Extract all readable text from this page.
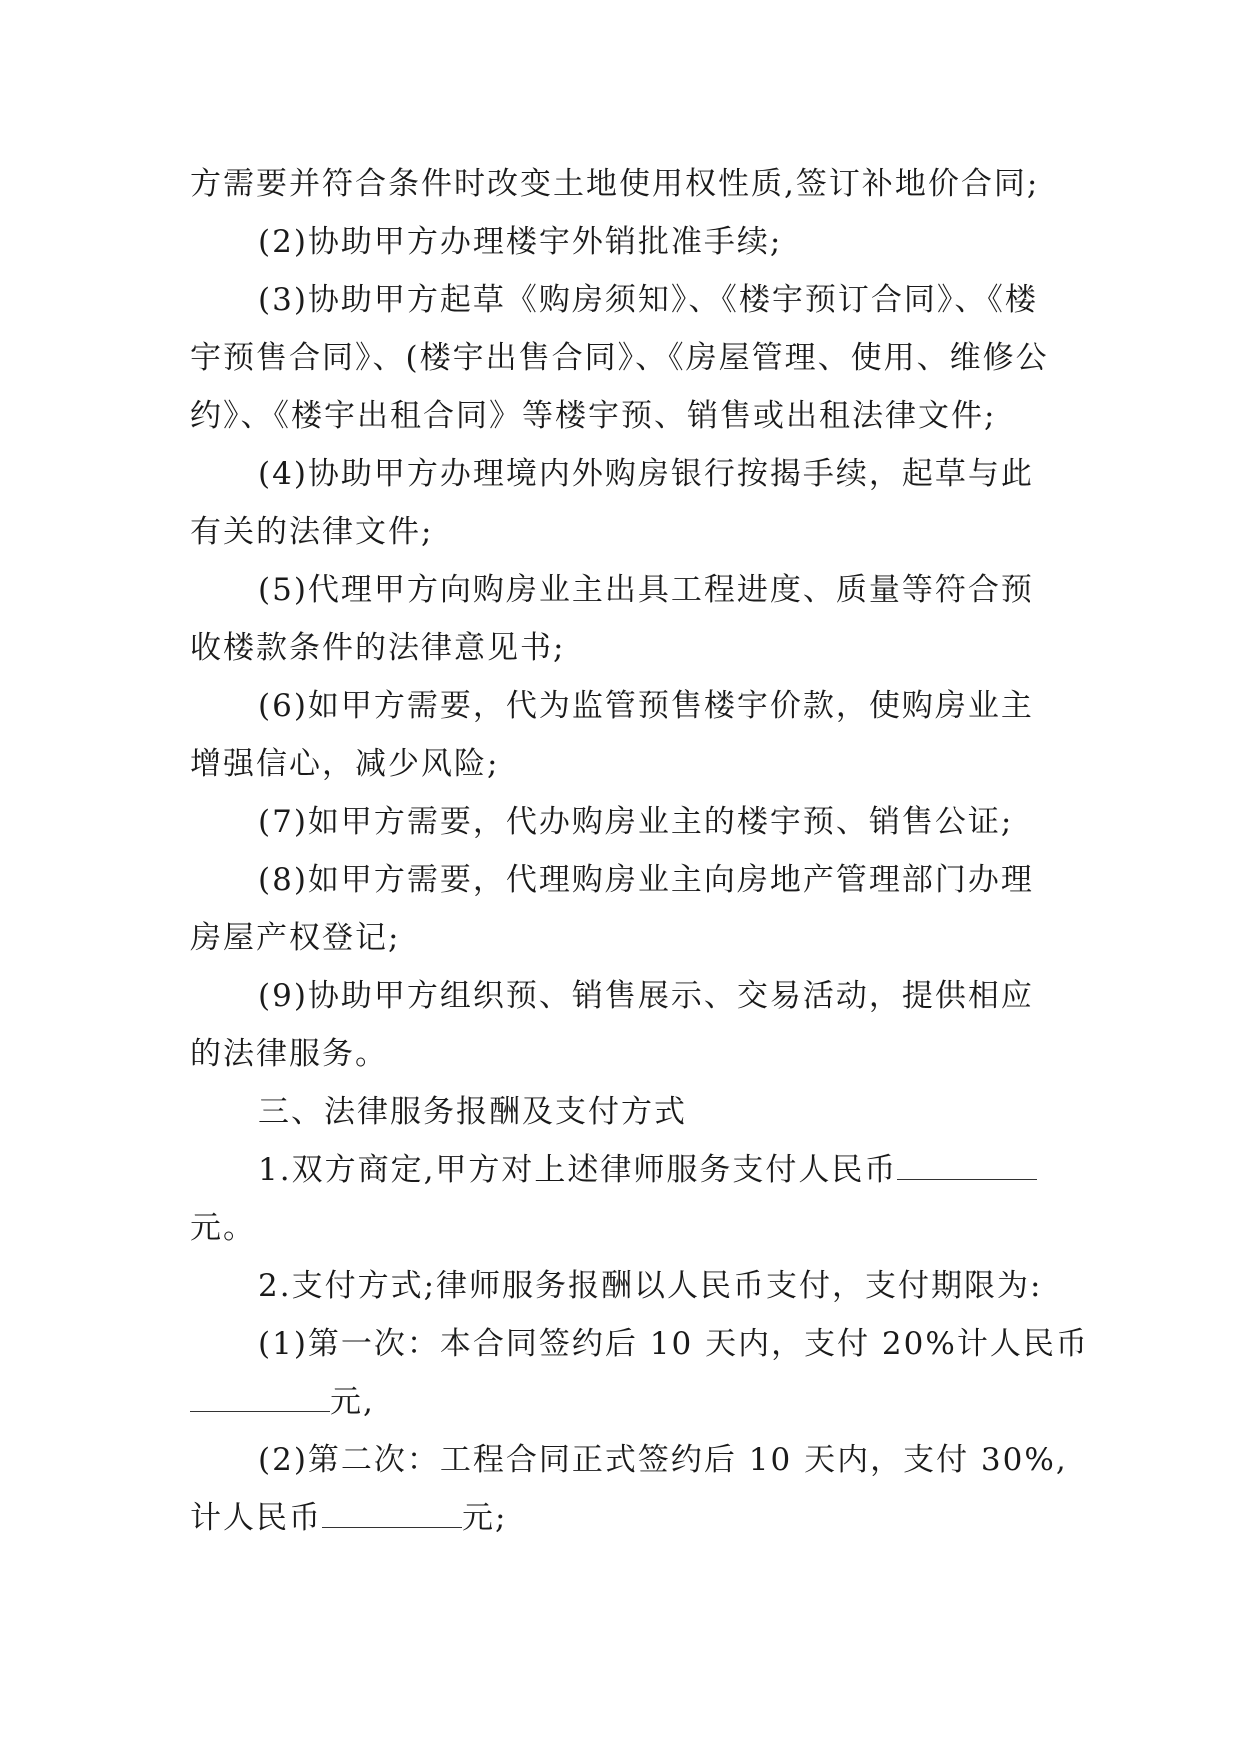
方需要并符合条件时改变土地使用权性质,签订补地价合同;
(2)协助甲方办理楼宇外销批准手续;
(3)协助甲方起草《购房须知》、《楼宇预订合同》、《楼
宇预售合同》、(楼宇出售合同》、《房屋管理、使用、维修公
约》、《楼宇出租合同》等楼宇预、销售或出租法律文件;
(4)协助甲方办理境内外购房银行按揭手续，起草与此
有关的法律文件;
(5)代理甲方向购房业主出具工程进度、质量等符合预
收楼款条件的法律意见书;
(6)如甲方需要，代为监管预售楼宇价款，使购房业主
增强信心，减少风险;
(7)如甲方需要，代办购房业主的楼宇预、销售公证;
(8)如甲方需要，代理购房业主向房地产管理部门办理
房屋产权登记;
(9)协助甲方组织预、销售展示、交易活动，提供相应
的法律服务。
三、法律服务报酬及支付方式
1.双方商定,甲方对上述律师服务支付人民币
元。
2.支付方式;律师服务报酬以人民币支付，支付期限为:
(1)第一次：本合同签约后 10 天内，支付 20%计人民币
元,
(2)第二次：工程合同正式签约后 10 天内，支付 30%,
计人民币	元;
